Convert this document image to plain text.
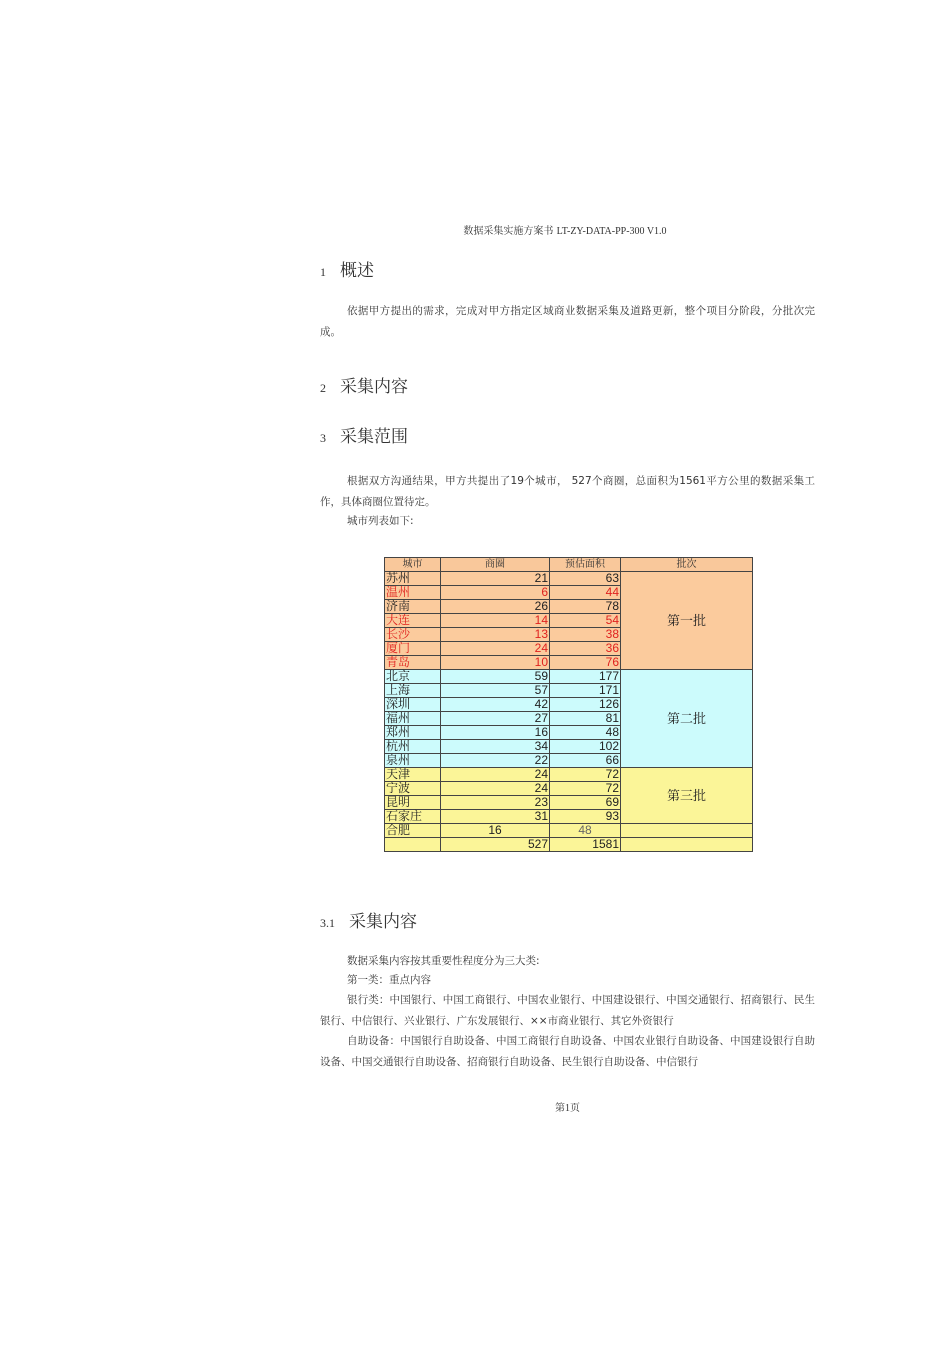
数据采集实施方案书 LT-ZY-DATA-PP-300 V1.0
1 概述
依据甲方提出的需求，完成对甲方指定区域商业数据采集及道路更新，整个项目分阶段，分批次完成。
2 采集内容
3 采集范围
根据双方沟通结果，甲方共提出了19个城市， 527个商圈，总面积为1561平方公里的数据采集工作，具体商圈位置待定。
城市列表如下:
城市	商圈	预估面积	批次
苏州	21	63	第一批
温州	6	44	
济南	26	78	
大连	14	54	
长沙	13	38	
厦门	24	36	
青岛	10	76	
北京	59	177	第二批
上海	57	171	
深圳	42	126	
福州	27	81	
郑州	16	48	
杭州	34	102	
泉州	22	66	
天津	24	72	第三批
宁波	24	72	
昆明	23	69	
石家庄	31	93	
合肥	16	48	
	527	1581	
3.1 采集内容
数据采集内容按其重要性程度分为三大类:
第一类：重点内容
银行类：中国银行、中国工商银行、中国农业银行、中国建设银行、中国交通银行、招商银行、民生银行、中信银行、兴业银行、广东发展银行、××市商业银行、其它外资银行
自助设备：中国银行自助设备、中国工商银行自助设备、中国农业银行自助设备、中国建设银行自助设备、中国交通银行自助设备、招商银行自助设备、民生银行自助设备、中信银行
第1页
